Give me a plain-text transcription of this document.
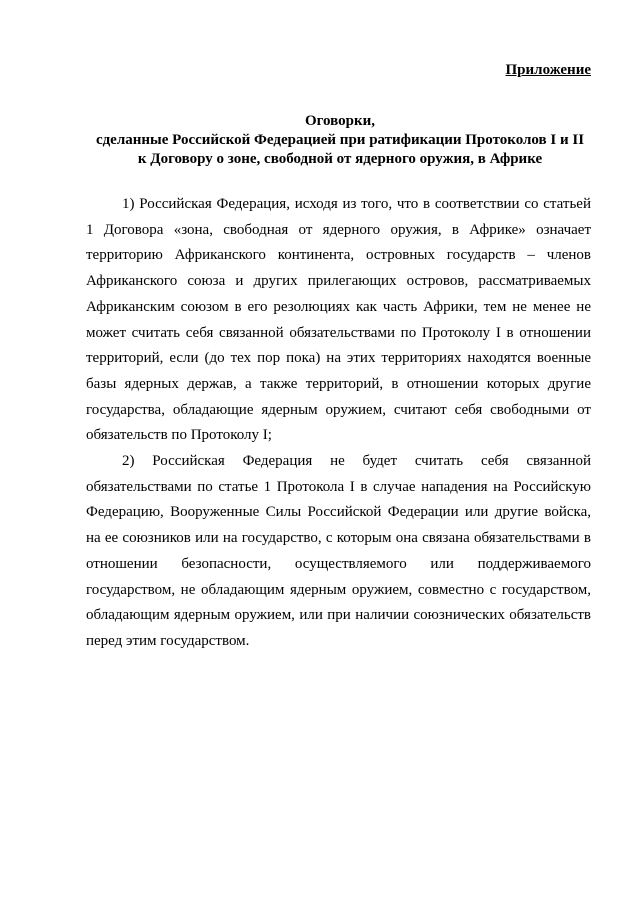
Приложение
Оговорки,
сделанные Российской Федерацией при ратификации Протоколов I и II
к Договору о зоне, свободной от ядерного оружия, в Африке

1) Российская Федерация, исходя из того, что в соответствии со статьей 1 Договора «зона, свободная от ядерного оружия, в Африке» означает территорию Африканского континента, островных государств – членов Африканского союза и других прилегающих островов, рассматриваемых Африканским союзом в его резолюциях как часть Африки, тем не менее не может считать себя связанной обязательствами по Протоколу I в отношении территорий, если (до тех пор пока) на этих территориях находятся военные базы ядерных держав, а также территорий, в отношении которых другие государства, обладающие ядерным оружием, считают себя свободными от обязательств по Протоколу I;

2) Российская Федерация не будет считать себя связанной обязательствами по статье 1 Протокола I в случае нападения на Российскую Федерацию, Вооруженные Силы Российской Федерации или другие войска, на ее союзников или на государство, с которым она связана обязательствами в отношении безопасности, осуществляемого или поддерживаемого государством, не обладающим ядерным оружием, совместно с государством, обладающим ядерным оружием, или при наличии союзнических обязательств перед этим государством.
